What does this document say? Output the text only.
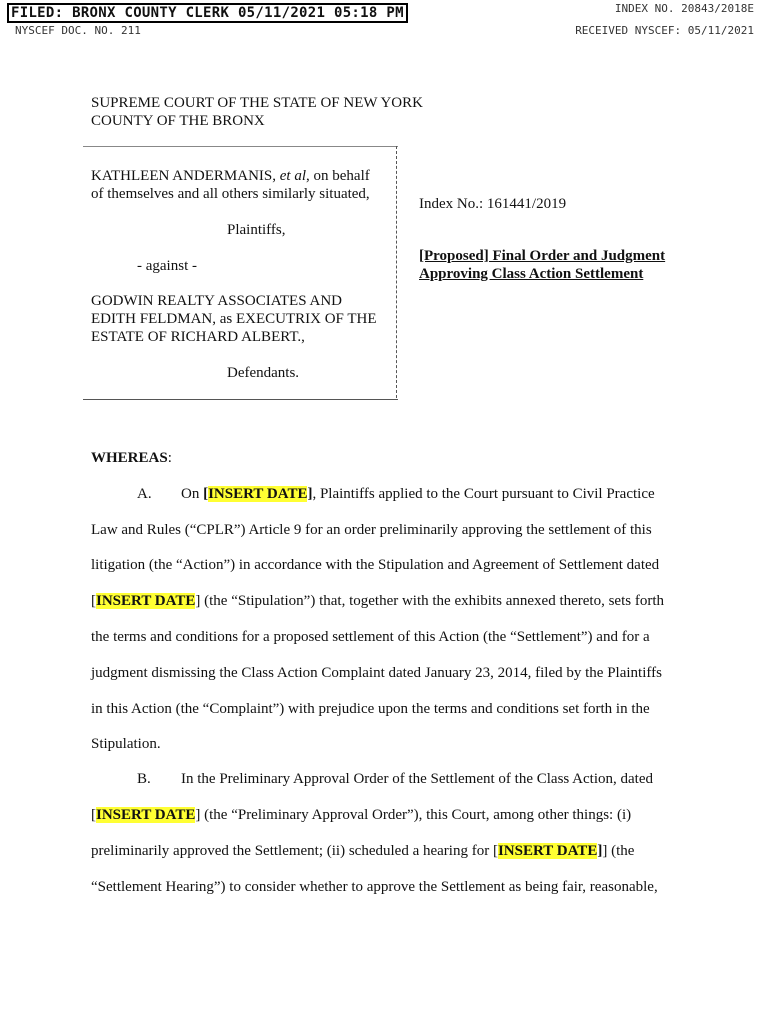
FILED: BRONX COUNTY CLERK 05/11/2021 05:18 PM
NYSCEF DOC. NO. 211
INDEX NO. 20843/2018E
RECEIVED NYSCEF: 05/11/2021
SUPREME COURT OF THE STATE OF NEW YORK
COUNTY OF THE BRONX
KATHLEEN ANDERMANIS, et al, on behalf
of themselves and all others similarly situated,
Plaintiffs,
- against -
GODWIN REALTY ASSOCIATES AND
EDITH FELDMAN, as EXECUTRIX OF THE
ESTATE OF RICHARD ALBERT.,
Defendants.
Index No.: 161441/2019
[Proposed] Final Order and Judgment
Approving Class Action Settlement
WHEREAS:
A. On [INSERT DATE], Plaintiffs applied to the Court pursuant to Civil Practice
Law and Rules (“CPLR”) Article 9 for an order preliminarily approving the settlement of this
litigation (the “Action”) in accordance with the Stipulation and Agreement of Settlement dated
[INSERT DATE] (the “Stipulation”) that, together with the exhibits annexed thereto, sets forth
the terms and conditions for a proposed settlement of this Action (the “Settlement”) and for a
judgment dismissing the Class Action Complaint dated January 23, 2014, filed by the Plaintiffs
in this Action (the “Complaint”) with prejudice upon the terms and conditions set forth in the
Stipulation.
B. In the Preliminary Approval Order of the Settlement of the Class Action, dated
[INSERT DATE] (the “Preliminary Approval Order”), this Court, among other things: (i)
preliminarily approved the Settlement; (ii) scheduled a hearing for [INSERT DATE]] (the
“Settlement Hearing”) to consider whether to approve the Settlement as being fair, reasonable,
